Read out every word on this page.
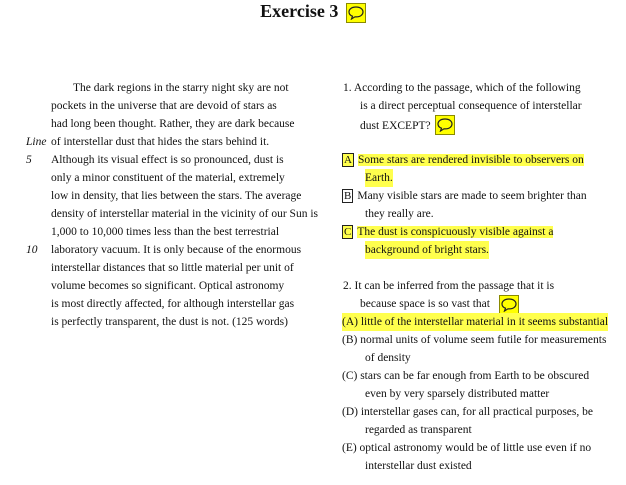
Exercise 3
The dark regions in the starry night sky are not
pockets in the universe that are devoid of stars as
had long been thought. Rather, they are dark because
Line of interstellar dust that hides the stars behind it.
5	Although its visual effect is so pronounced, dust is
only a minor constituent of the material, extremely
low in density, that lies between the stars. The average
density of interstellar material in the vicinity of our Sun is
1,000 to 10,000 times less than the best terrestrial
10	laboratory vacuum. It is only because of the enormous
interstellar distances that so little material per unit of
volume becomes so significant. Optical astronomy
is most directly affected, for although interstellar gas
is perfectly transparent, the dust is not. (125 words)
1. According to the passage, which of the following
is a direct perceptual consequence of interstellar
dust EXCEPT?
A Some stars are rendered invisible to observers on
Earth.
B Many visible stars are made to seem brighter than
they really are.
C The dust is conspicuously visible against a
background of bright stars.
2. It can be inferred from the passage that it is
because space is so vast that
(A) little of the interstellar material in it seems substantial
(B) normal units of volume seem futile for measurements
of density
(C) stars can be far enough from Earth to be obscured
even by very sparsely distributed matter
(D) interstellar gases can, for all practical purposes, be
regarded as transparent
(E) optical astronomy would be of little use even if no
interstellar dust existed
